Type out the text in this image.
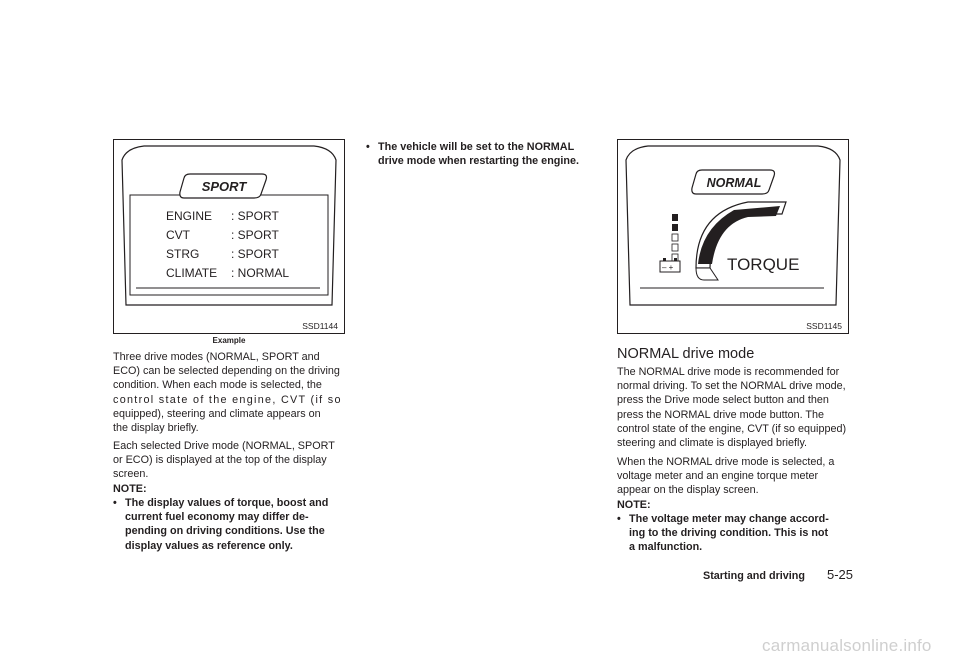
SPORT
ENGINE : SPORT
CVT	: SPORT
STRG	: SPORT
CLIMATE : NORMAL
SSD1144
Example
Three drive modes (NORMAL, SPORT and
ECO) can be selected depending on the driving
condition. When each mode is selected, the
control state of the engine, CVT (if so
equipped), steering and climate appears on
the display briefly.
Each selected Drive mode (NORMAL, SPORT
or ECO) is displayed at the top of the display
screen.
NOTE:
• The display values of torque, boost and
current fuel economy may differ de-
pending on driving conditions. Use the
display values as reference only.
• The vehicle will be set to the NORMAL
drive mode when restarting the engine.
NORMAL
– +	TORQUE
SSD1145
NORMAL drive mode
The NORMAL drive mode is recommended for
normal driving. To set the NORMAL drive mode,
press the Drive mode select button and then
press the NORMAL drive mode button. The
control state of the engine, CVT (if so equipped)
steering and climate is displayed briefly.
When the NORMAL drive mode is selected, a
voltage meter and an engine torque meter
appear on the display screen.
NOTE:
• The voltage meter may change accord-
ing to the driving condition. This is not
a malfunction.
Starting and driving 5-25
carmanualsonline.info
